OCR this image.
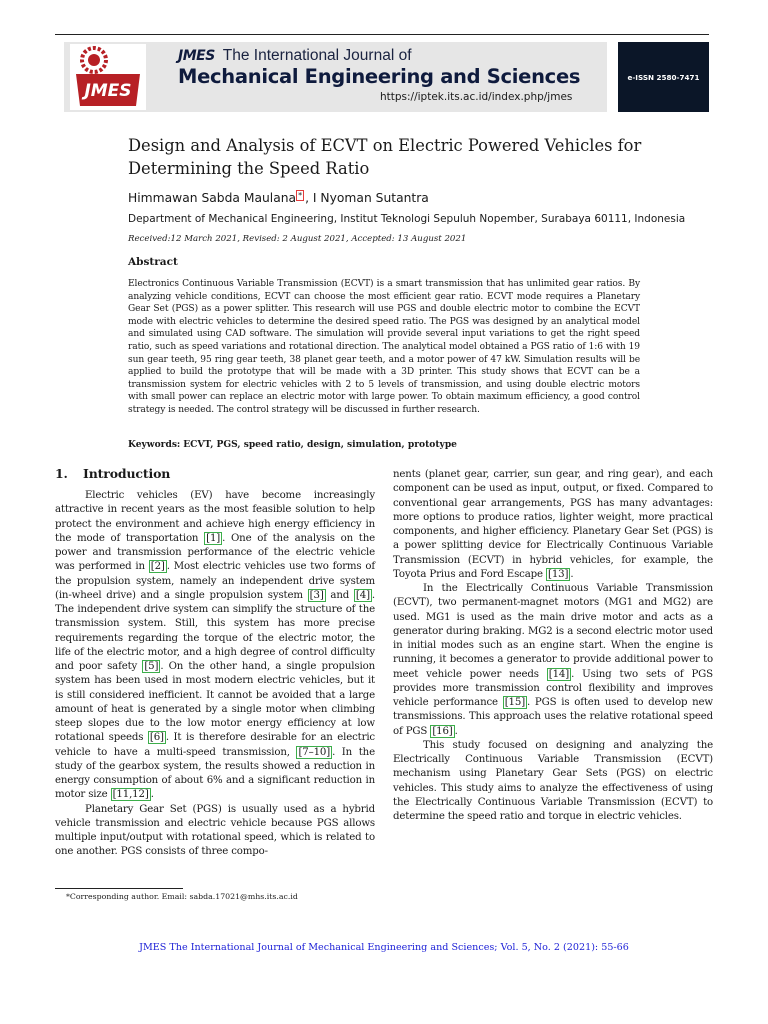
JMES
JMES The International Journal of
Mechanical Engineering and Sciences
https://iptek.its.ac.id/index.php/jmes
e-ISSN 2580-7471
Design and Analysis of ECVT on Electric Powered Vehicles for Determining the Speed Ratio
Himmawan Sabda Maulana * , I Nyoman Sutantra
Department of Mechanical Engineering, Institut Teknologi Sepuluh Nopember, Surabaya 60111, Indonesia
Received:12 March 2021, Revised: 2 August 2021, Accepted: 13 August 2021
Abstract
Electronics Continuous Variable Transmission (ECVT) is a smart transmission that has unlimited gear ratios. By analyzing vehicle conditions, ECVT can choose the most efficient gear ratio. ECVT mode requires a Planetary Gear Set (PGS) as a power splitter. This research will use PGS and double electric motor to combine the ECVT mode with electric vehicles to determine the desired speed ratio. The PGS was designed by an analytical model and simulated using CAD software. The simulation will provide several input variations to get the right speed ratio, such as speed variations and rotational direction. The analytical model obtained a PGS ratio of 1:6 with 19 sun gear teeth, 95 ring gear teeth, 38 planet gear teeth, and a motor power of 47 kW. Simulation results will be applied to build the prototype that will be made with a 3D printer. This study shows that ECVT can be a transmission system for electric vehicles with 2 to 5 levels of transmission, and using double electric motors with small power can replace an electric motor with large power. To obtain maximum efficiency, a good control strategy is needed. The control strategy will be discussed in further research.
Keywords: ECVT, PGS, speed ratio, design, simulation, prototype
1. Introduction

Electric vehicles (EV) have become increasingly attractive in recent years as the most feasible solution to help protect the environment and achieve high energy efficiency in the mode of transportation [1] . One of the analysis on the power and transmission performance of the electric vehicle was performed in [2] . Most electric vehicles use two forms of the propulsion system, namely an independent drive system (in-wheel drive) and a single propulsion system [3] and [4] . The independent drive system can simplify the structure of the transmission system. Still, this system has more precise requirements regarding the torque of the electric motor, the life of the electric motor, and a high degree of control difficulty and poor safety [5] . On the other hand, a single propulsion system has been used in most modern electric vehicles, but it is still considered inefficient. It cannot be avoided that a large amount of heat is generated by a single motor when climbing steep slopes due to the low motor energy efficiency at low rotational speeds [6] . It is therefore desirable for an electric vehicle to have a multi-speed transmission, [7–10] . In the study of the gearbox system, the results showed a reduction in energy consumption of about 6% and a significant reduction in motor size [11,12] .

Planetary Gear Set (PGS) is usually used as a hybrid vehicle transmission and electric vehicle because PGS allows multiple input/output with rotational speed, which is related to one another. PGS consists of three compo-

nents (planet gear, carrier, sun gear, and ring gear), and each component can be used as input, output, or fixed. Compared to conventional gear arrangements, PGS has many advantages: more options to produce ratios, lighter weight, more practical components, and higher efficiency. Planetary Gear Set (PGS) is a power splitting device for Electrically Continuous Variable Transmission (ECVT) in hybrid vehicles, for example, the Toyota Prius and Ford Escape [13] .

In the Electrically Continuous Variable Transmission (ECVT), two permanent-magnet motors (MG1 and MG2) are used. MG1 is used as the main drive motor and acts as a generator during braking. MG2 is a second electric motor used in initial modes such as an engine start. When the engine is running, it becomes a generator to provide additional power to meet vehicle power needs [14] . Using two sets of PGS provides more transmission control flexibility and improves vehicle performance [15] . PGS is often used to develop new transmissions. This approach uses the relative rotational speed of PGS [16] .

This study focused on designing and analyzing the Electrically Continuous Variable Transmission (ECVT) mechanism using Planetary Gear Sets (PGS) on electric vehicles. This study aims to analyze the effectiveness of using the Electrically Continuous Variable Transmission (ECVT) to determine the speed ratio and torque in electric vehicles.

*Corresponding author. Email: sabda.17021@mhs.its.ac.id
JMES The International Journal of Mechanical Engineering and Sciences; Vol. 5, No. 2 (2021): 55-66
